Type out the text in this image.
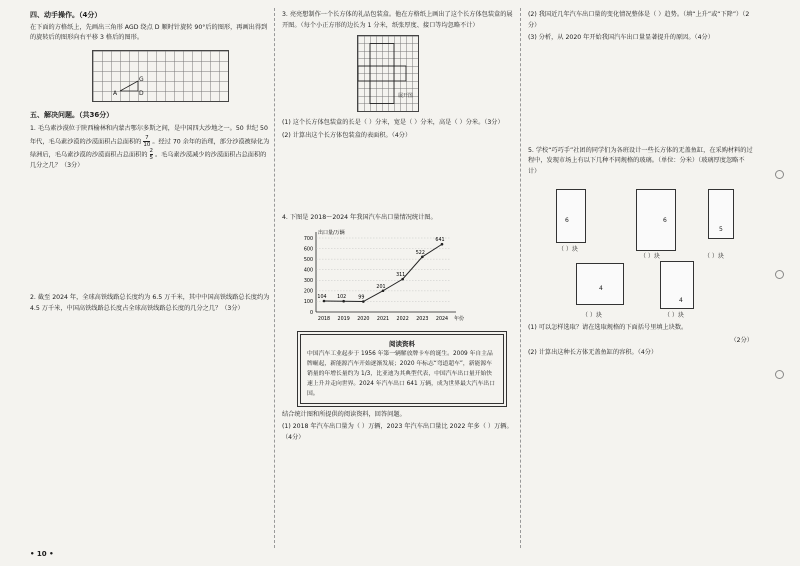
四、动手操作。（4分）

在下面的方格纸上，先画出三角形 AGD 绕点 D 顺时针旋转 90°后的图形，再画出得到的旋转后的图形向右平移 3 格后的图形。

A
G
D
五、解决问题。（共36分）

1. 毛乌素沙漠位于陕西榆林和内蒙古鄂尔多斯之间，是中国四大沙地之一。50 世纪 50 年代，毛乌素沙漠的沙漠面积占总面积的 $\frac{7}{10}$ 。经过 70 余年的治理，部分沙漠被绿化为绿洲后，毛乌素沙漠的沙漠面积占总面积的 $\frac{2}{5}$ 。毛乌素沙漠减少的沙漠面积占总面积的几分之几？（3分）

2. 截至 2024 年，全球高铁线路总长度约为 6.5 万千米，其中中国高铁线路总长度约为 4.5 万千米，中国高铁线路总长度占全球高铁线路总长度的几分之几？（3分）

3. 亮亮想制作一个长方体的礼品包装盒。他在方格纸上画出了这个长方体包装盒的展开图。（每个小正方形的边长为 1 分米，纸张厚度、接口等均忽略不计）

展开图

(1) 这个长方体包装盒的长是（ ）分米，宽是（ ）分米，高是（ ）分米。（3分）

(2) 计算出这个长方体包装盒的表面积。（4分）

4. 下图是 2018～2024 年我国汽车出口量情况统计图。

出口量/万辆
年份
0
100
200
300
400
500
600
700
2018 2019 2020 2021 2022 2023 2024
104 102	99
201
311
522
641
阅读资料
中国汽车工业起步于 1956 年第一辆解放牌卡车的诞生。2009 年自主品牌崛起，新能源汽车开始逐渐发展；2020 年标志“弯道超车”，新能源车销量的年增长量约为 1/3，比亚迪为其典型代表，中国汽车出口量开始快速上升并走向世界。2024 年汽车出口 641 万辆，成为世界最大汽车出口国。

结合统计图和所提供的阅读资料，回答问题。

(1) 2018 年汽车出口量为（ ）万辆，2023 年汽车出口量比 2022 年多（ ）万辆。（4分）

(2) 我国近几年汽车出口量的变化情况整体是（ ）趋势。（填“上升”或“下降”）（2分）

(3) 分析，从 2020 年开始我国汽车出口量显著提升的原因。（4分）

5. 学校“巧巧手”社团的同学们为各班设计一些长方体的无盖鱼缸，在采购材料的过程中，发现市场上有以下几种不同规格的玻璃。（单位：分米）（玻璃厚度忽略不计）

6	6
5
4
4
（ ）块
（ ）块	（ ）块
（ ）块	（ ）块

(1) 可以怎样选取？请在选取规格的下面括号里填上块数。

（2分）

(2) 计算出这种长方体无盖鱼缸的容积。（4分）

• 10 •
